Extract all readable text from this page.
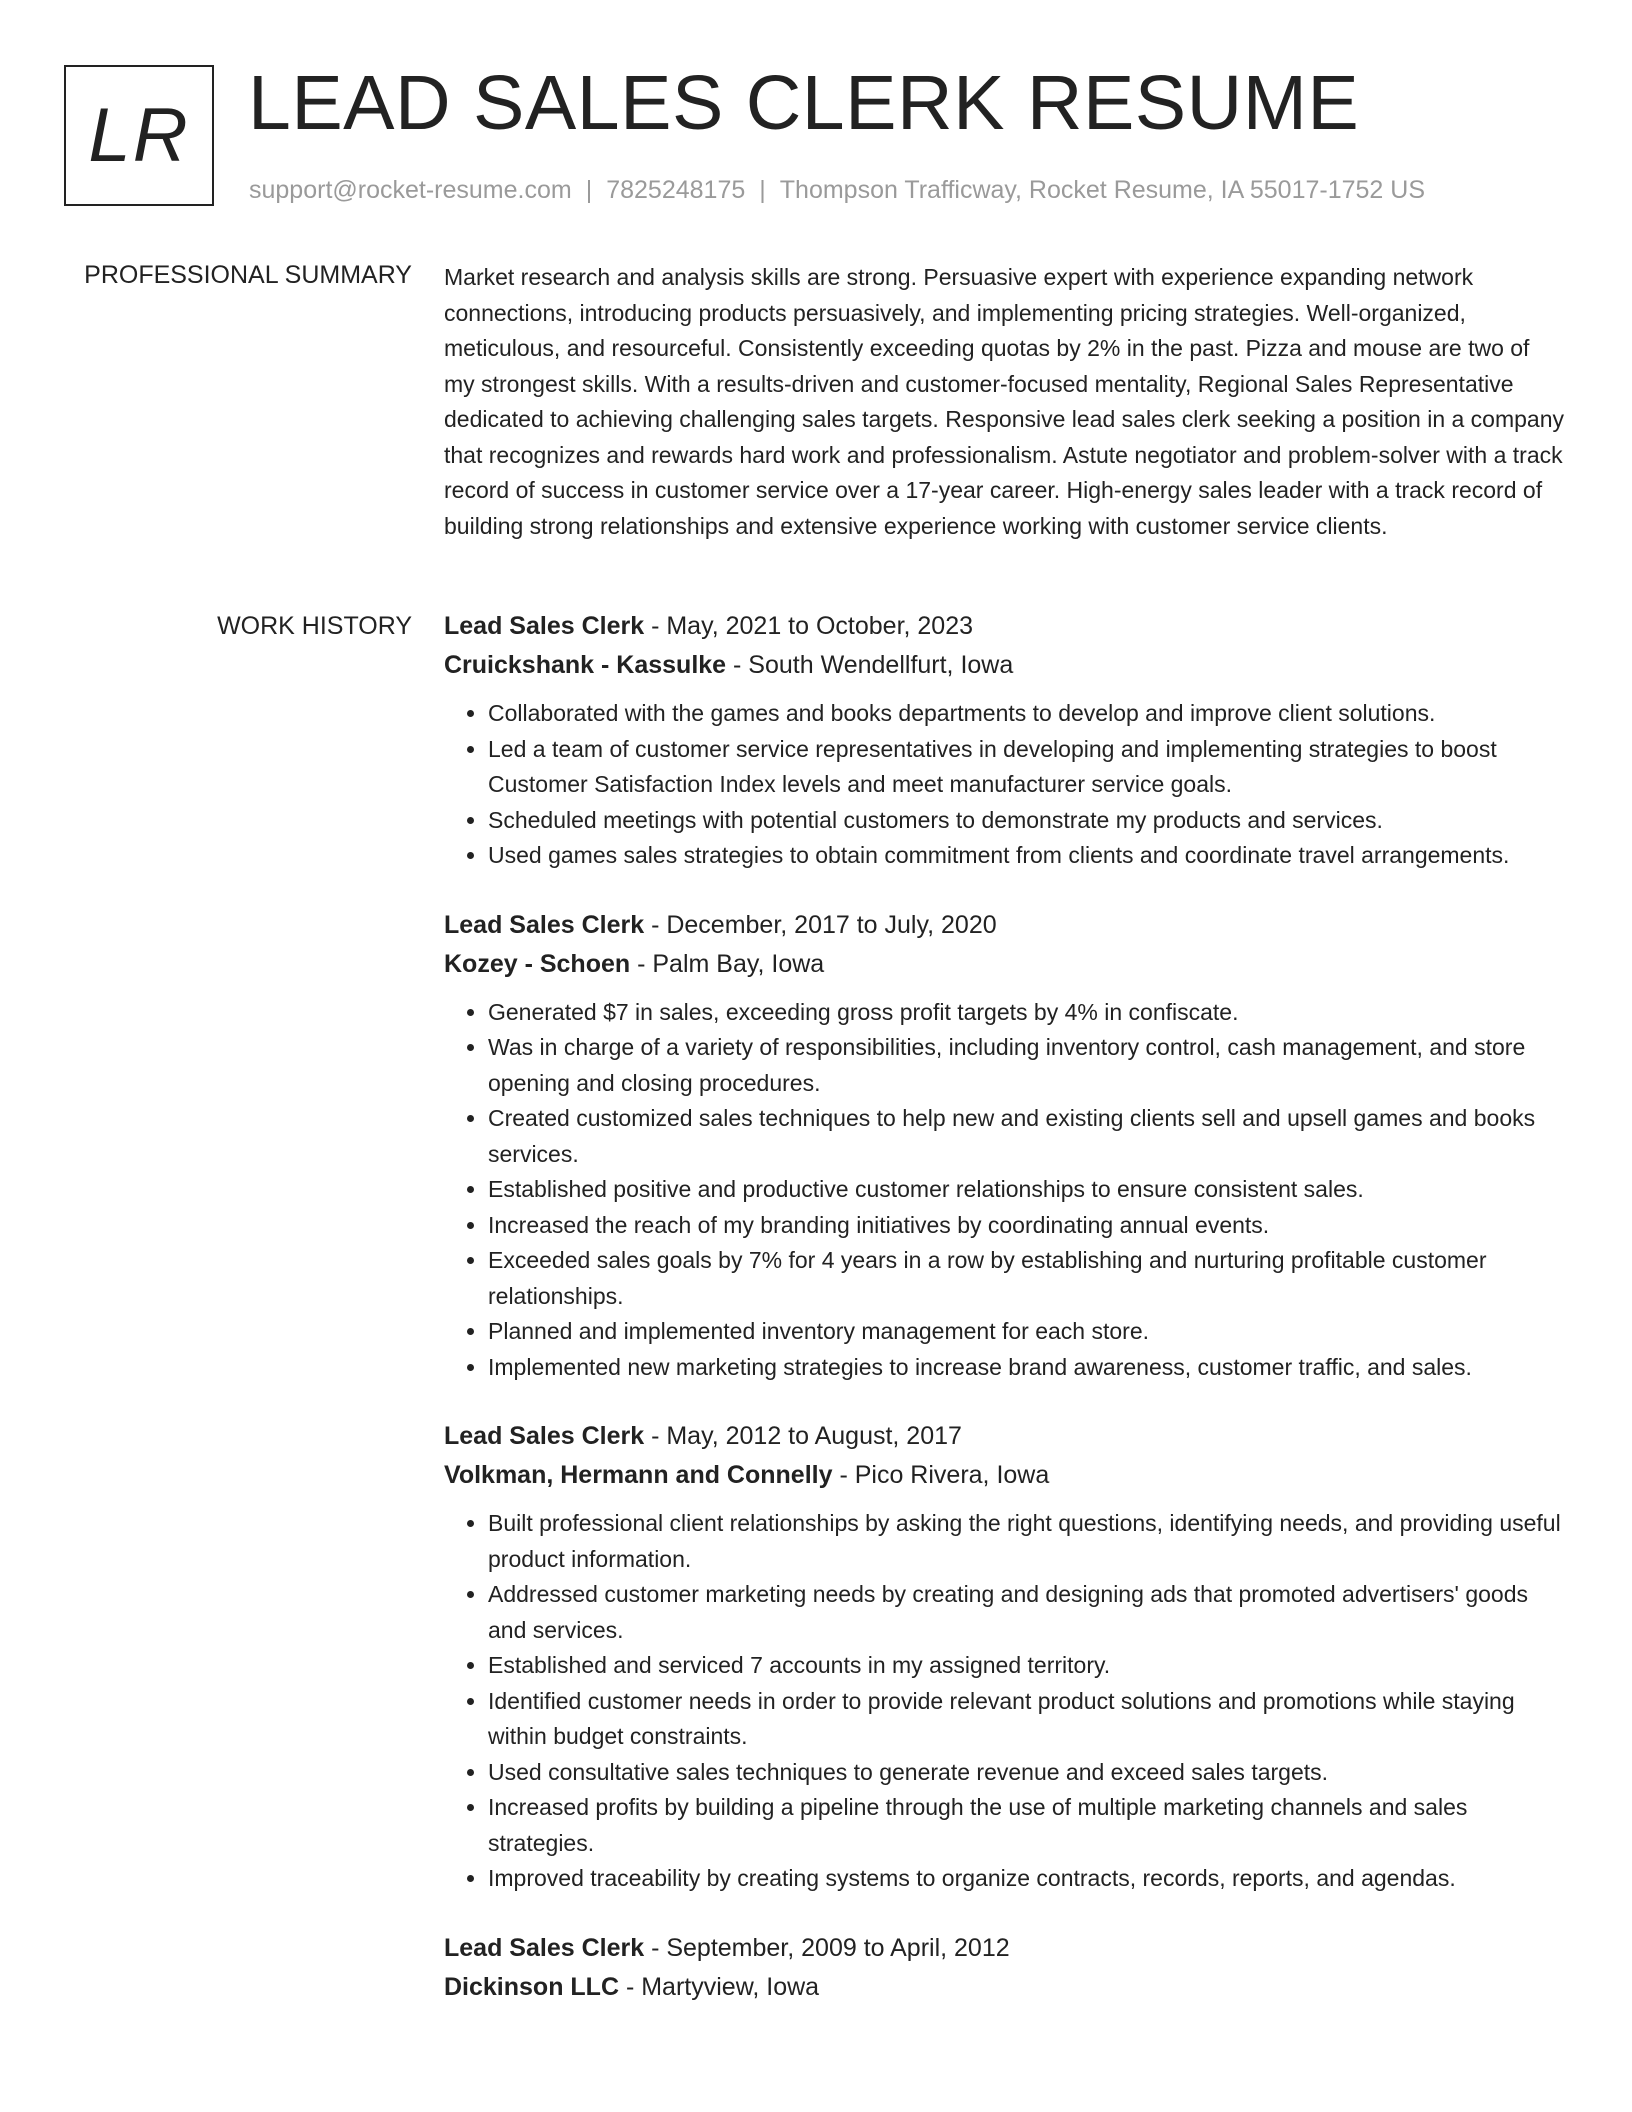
LR LEAD SALES CLERK RESUME
support@rocket-resume.com | 7825248175 | Thompson Trafficway, Rocket Resume, IA 55017-1752 US
PROFESSIONAL SUMMARY Market research and analysis skills are strong. Persuasive expert with experience expanding network connections, introducing products persuasively, and implementing pricing strategies. Well-organized, meticulous, and resourceful. Consistently exceeding quotas by 2% in the past. Pizza and mouse are two of my strongest skills. With a results-driven and customer-focused mentality, Regional Sales Representative dedicated to achieving challenging sales targets. Responsive lead sales clerk seeking a position in a company that recognizes and rewards hard work and professionalism. Astute negotiator and problem-solver with a track record of success in customer service over a 17-year career. High-energy sales leader with a track record of building strong relationships and extensive experience working with customer service clients.

WORK HISTORY Lead Sales Clerk - May, 2021 to October, 2023
Cruickshank - Kassulke - South Wendellfurt, Iowa
• Collaborated with the games and books departments to develop and improve client solutions.
• Led a team of customer service representatives in developing and implementing strategies to boost Customer Satisfaction Index levels and meet manufacturer service goals.
• Scheduled meetings with potential customers to demonstrate my products and services.
• Used games sales strategies to obtain commitment from clients and coordinate travel arrangements.
Lead Sales Clerk - December, 2017 to July, 2020
Kozey - Schoen - Palm Bay, Iowa
• Generated $7 in sales, exceeding gross profit targets by 4% in confiscate.
• Was in charge of a variety of responsibilities, including inventory control, cash management, and store opening and closing procedures.
• Created customized sales techniques to help new and existing clients sell and upsell games and books services.
• Established positive and productive customer relationships to ensure consistent sales.
• Increased the reach of my branding initiatives by coordinating annual events.
• Exceeded sales goals by 7% for 4 years in a row by establishing and nurturing profitable customer relationships.
• Planned and implemented inventory management for each store.
• Implemented new marketing strategies to increase brand awareness, customer traffic, and sales.
Lead Sales Clerk - May, 2012 to August, 2017
Volkman, Hermann and Connelly - Pico Rivera, Iowa
• Built professional client relationships by asking the right questions, identifying needs, and providing useful product information.
• Addressed customer marketing needs by creating and designing ads that promoted advertisers' goods and services.
• Established and serviced 7 accounts in my assigned territory.
• Identified customer needs in order to provide relevant product solutions and promotions while staying within budget constraints.
• Used consultative sales techniques to generate revenue and exceed sales targets.
• Increased profits by building a pipeline through the use of multiple marketing channels and sales strategies.
• Improved traceability by creating systems to organize contracts, records, reports, and agendas.
Lead Sales Clerk - September, 2009 to April, 2012
Dickinson LLC - Martyview, Iowa
